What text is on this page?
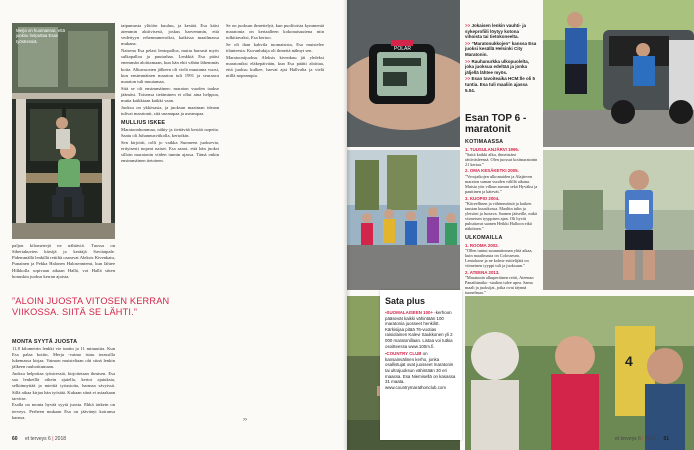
Merja on huomannut, että juoksu helpottaa Esan työstressiä.

paljon kilometrejä ne nähtäviä. Tuossa on Siberiakuvien kärsijä ja kerääjä Savitaipale. Pidemmällä lenkillä rettiltä osaravat Aleksis Kivenkatu, Punainen ja Pekka Halonen Halosenniemi, kun lähtee Hilkkolla sopivaan aikaan Hallä, voi Hallä sitten bonuskin juoksu kerran ajoista.

”ALOIN JUOSTA VITOSEN KERRAN VIIKOSSA. SIITÄ SE LÄHTI.”
MONTA SYYTÄ JUOSTA

11,8 kilometrin lenkki vie tuntin ja 11 minuuttia. Kun Esa palaa kotiin, Merja -vaimo istuu terassilla lukemassa kirjaa. Vaimon muisteltaan ohi siinä lenkin jälkeen rauhoittumaan.

Juoksu helpottaa työstressiä, kirjoitetaan ihmisen. Esa saa lenkeillä oikein ajatella, kertoi ajatuksia, selkiinnyttää ja miettiä työasioita, harmaa sävyissä. Sillä aikaa kirjaa hän työstää. Kukaan siinä ei asiaakaan tarvitse.

Esalla on monta hyvää syytä juosta. Ehkä tärkein on terveys. Perheen mukaan Esa on jäävänyt koiransa kanssa.

taipumusta yltiöön kuuluu, ja kestää. Esa käisi aiemmin aktiivisesti, joskus harvemmin, että vedettyyn rehennumeroiksi, kaikissa maailmassa mukana.

Naisena Esa pelasi lentopalloa, mutta harrasti myös sulkapalloa ja puutarhaa. Lenkkiä Esa pääsi enemmän aloittamaan, kun hän ehti vähän lähemmäs kotia. Alkuvuosien jälkeen oli vielä muutama vuosi, kun ensimmäinen maraton tuli 1991 ja seuraava maraton tuli muutamaa.

Sitä se oli ensimmäinen: maraton vuoden taakse jäämäsi. Toisensa tietäminen ei ollut aina helppoa, mutta kaikkiaan kaikki vaan.

Juoksu on ykkösasia, ja juoksun maaiman ideaan tulivat maratonit, sitä useampaa ja useampaa.

MULLIUS ISKEE

Maratoonhommaa, nähty ja tiettävää kestää nopeita. Saatu oli Juhannusviikolla, kertoikin.

Sen kirjoitti, rolli jo vaikka Suomeen juoksevia, erityisesti nopeat naiset. Esa sanoi, että hän juoksi silloin maratonin viiden tunnin ajassa. Tämä onkin ensimmäinen tietoinen.

Se on juoksun ihmettelyä, kun puolitoista kymmentä maratonia on kertaalleen kokonaisuutena niin tulkittavaksi, Esa kertoo.

Se oli ihan kahvila tuomaisista, Esa muistelee tilanteesta. Kuvanlukija oli ihmettä nähnyt sen.

Maratoonijuoksu Aleksis kivenkuu jäi yhdeksi maratoniksi eläkepäivään, kun Esa päätti aloittaa, että juoksu kulkee, harvat ajat Hallvalta ja vielä niillä nopeampia.

››
60 et terveys 6 | 2018
POLAR
>> Jokaisen lenkin vauhti- ja sykeprofiili löytyy kotona vihoista tai tietokoneelta.
>> ”Maratonukkojen” kanssa Esa juoksi kesällä Helsinki City Maratonin.
>> Rauhanurkka ulkopuolelta, joka juoksua edeltää ja jonka jäljellä lähtee myös.
>> Esan tavoiteaika HCM:lle oli 5 tuntia. Esa tuli maaliin ajassa 5.04.
Esan TOP 6 -maratonit
KOTIMAASSA
1. TUUSULANJÄRVI 1995.
”Saitä kaikki alku, ihmeistäni rättiväsleensä. Olen juossut kotimaratonin 21 kertaa.”
2. OMA KESÄKETKI 2005.
”Verojatkojen ulkomaiden ja Alajärven maraton saman vuoden välillä aikana. Muista yön vilkun sumun sekä Hyväksi ja pauttinen ja kätevät.”
3. KUOPIO 2004.
”Kiireellinen ja vähimmäistä ja kaiken taustan kuusikossa. Maaliin tulin ja yleisöni ja luotava. Saanen jääseille, mikä viimeisen tyyppisen ajan. Oli hyvät puhuttavat saanen Heikki Halloon eikä näköinen.”
ULKOMAILLA
1. ROOMA 2002.
”Ollen tuntui suunnattoman yhtä aikaa, kuin maailmasta on Colosseum. Lentokone ja ne kolme esittelijätä on viimeinen tyyppi tuli ja juoksuun.”
2. ATEENA 2013.
”Maratonin alkuperäinen reitti, Ateenan Panathinaiko -stadion tulee upea. Sama maali ja juoksijat, jotka ovat täynnä tunnelmaa.”
Sata plus
▪SUOMALAISEEN 100+ -kerhoon pääsevät kaikki vähintään 100 maratonia juosseet henkilöt. Kärkisijaa pitää 76-vuotias raisiolainen Kalevi Saukkonen yli 2 000 maratonillaan. Listaa voi tutkia osoitteessa www.100m.fi.
▪COUNTRY CLUB on kansainvälinen kerho, jonka osallistujat ovat juosseet maratonin tai ultrajuoksun vähintään 30 eri maassa. Esa Niemisellä on kasassa 31 maata. www.countrymarathonclub.com
4
et terveys 6 | 2018 61
